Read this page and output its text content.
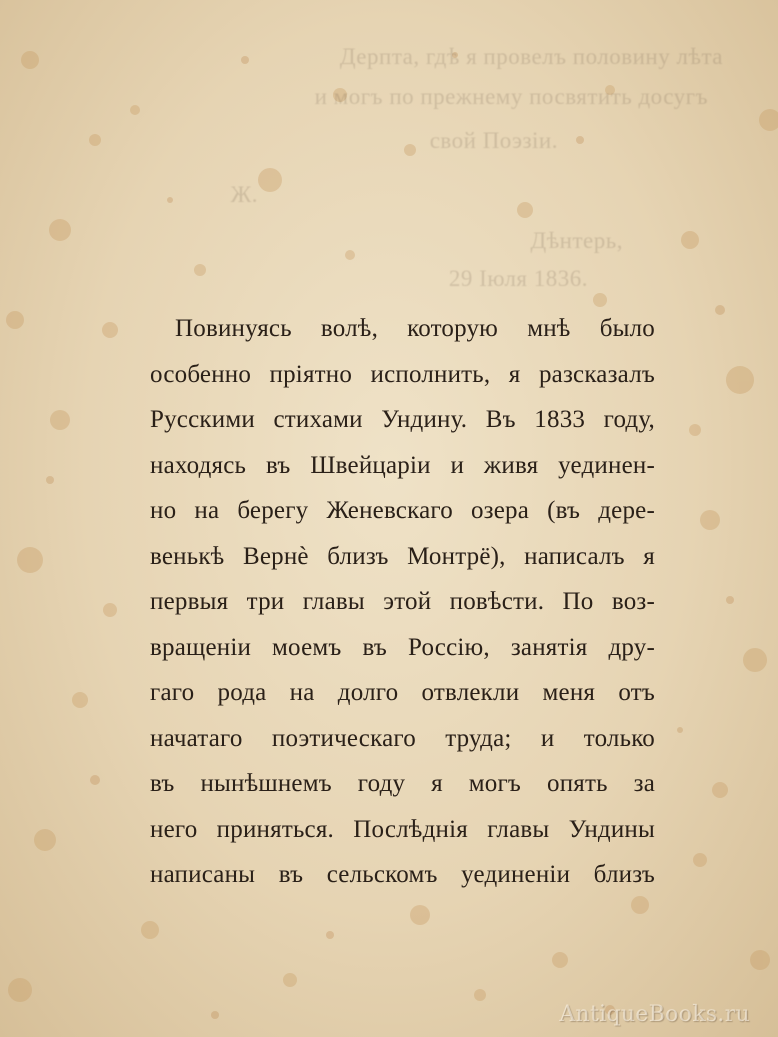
Дерпта, гдѣ я провелъ половину лѣта
и могъ по прежнему посвятить досугъ
свой Поэзіи.
Ж.
Дѣнтерь,
29 Іюля 1836.
Повинуясь волѣ, которую мнѣ было
особенно пріятно исполнить, я разсказалъ
Русскими стихами Ундину. Въ 1833 году,
находясь въ Швейцаріи и живя уединен-
но на берегу Женевскаго озера (въ дере-
венькѣ Вернѐ близъ Монтрё), написалъ я
первыя три главы этой повѣсти. По воз-
вращеніи моемъ въ Россію, занятія дру-
гаго рода на долго отвлекли меня отъ
начатаго поэтическаго труда; и только
въ нынѣшнемъ году я могъ опять за
него приняться. Послѣднія главы Ундины
написаны въ сельскомъ уединеніи близъ
AntiqueBooks.ru
